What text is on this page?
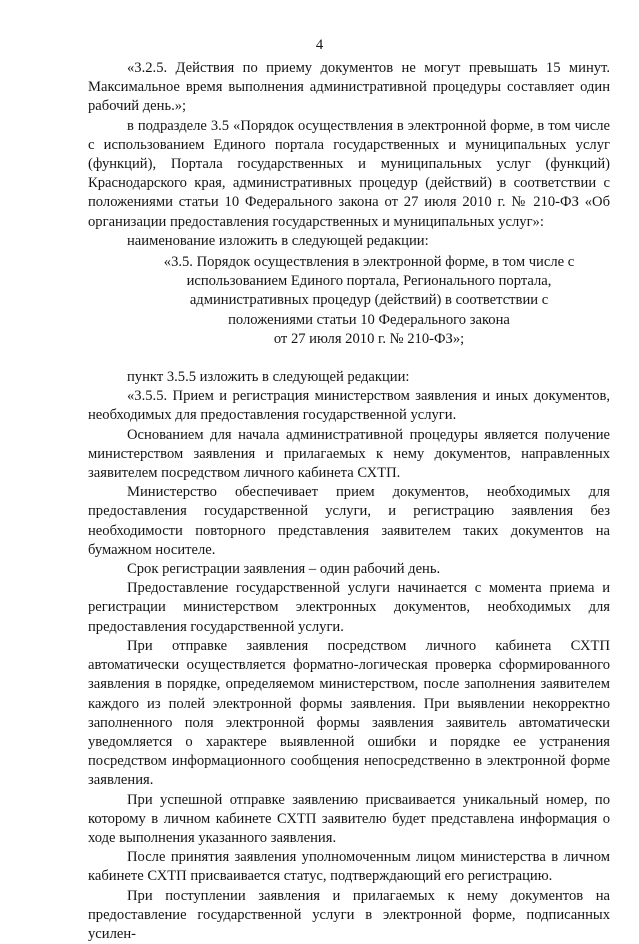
4

«3.2.5. Действия по приему документов не могут превышать 15 минут. Максимальное время выполнения административной процедуры составляет один рабочий день.»;

в подразделе 3.5 «Порядок осуществления в электронной форме, в том числе с использованием Единого портала государственных и муниципальных услуг (функций), Портала государственных и муниципальных услуг (функций) Краснодарского края, административных процедур (действий) в соответствии с положениями статьи 10 Федерального закона от 27 июля 2010 г. № 210-ФЗ «Об организации предоставления государственных и муниципальных услуг»:

наименование изложить в следующей редакции:

«3.5. Порядок осуществления в электронной форме, в том числе с

использованием Единого портала, Регионального портала,

административных процедур (действий) в соответствии с

положениями статьи 10 Федерального закона

от 27 июля 2010 г. № 210-ФЗ»;

пункт 3.5.5 изложить в следующей редакции:

«3.5.5. Прием и регистрация министерством заявления и иных документов, необходимых для предоставления государственной услуги.

Основанием для начала административной процедуры является получение министерством заявления и прилагаемых к нему документов, направленных заявителем посредством личного кабинета СХТП.

Министерство обеспечивает прием документов, необходимых для предоставления государственной услуги, и регистрацию заявления без необходимости повторного представления заявителем таких документов на бумажном носителе.

Срок регистрации заявления – один рабочий день.

Предоставление государственной услуги начинается с момента приема и регистрации министерством электронных документов, необходимых для предоставления государственной услуги.

При отправке заявления посредством личного кабинета СХТП автоматически осуществляется форматно-логическая проверка сформированного заявления в порядке, определяемом министерством, после заполнения заявителем каждого из полей электронной формы заявления. При выявлении некорректно заполненного поля электронной формы заявления заявитель автоматически уведомляется о характере выявленной ошибки и порядке ее устранения посредством информационного сообщения непосредственно в электронной форме заявления.

При успешной отправке заявлению присваивается уникальный номер, по которому в личном кабинете СХТП заявителю будет представлена информация о ходе выполнения указанного заявления.

После принятия заявления уполномоченным лицом министерства в личном кабинете СХТП присваивается статус, подтверждающий его регистрацию.

При поступлении заявления и прилагаемых к нему документов на предоставление государственной услуги в электронной форме, подписанных усилен-
